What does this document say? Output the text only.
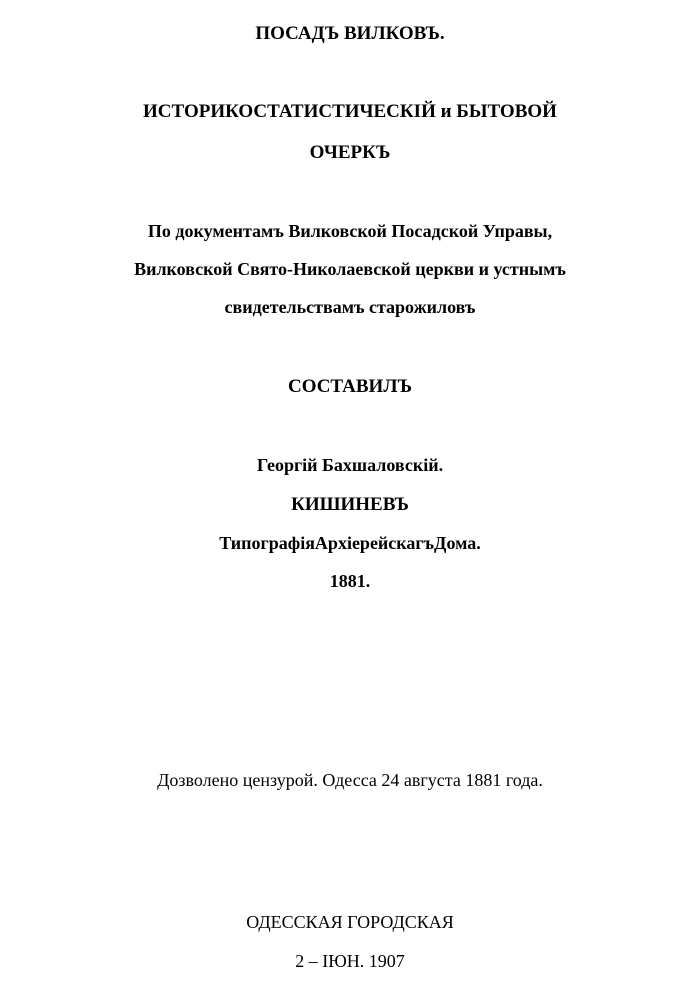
ПОСАДЪ ВИЛКОВЪ.
ИСТОРИКОСТАТИСТИЧЕСКІЙ и БЫТОВОЙ
ОЧЕРКЪ
По документамъ Вилковской Посадской Управы,
Вилковской Свято-Николаевской церкви и устнымъ
свидетельствамъ старожиловъ
СОСТАВИЛЪ
Георгій Бахшаловскій.
КИШИНЕВЪ
ТипографіяАрхіерейскагъДома.
1881.
Дозволено цензурой. Одесса 24 августа 1881 года.
ОДЕССКАЯ ГОРОДСКАЯ
2 – ІЮН. 1907
